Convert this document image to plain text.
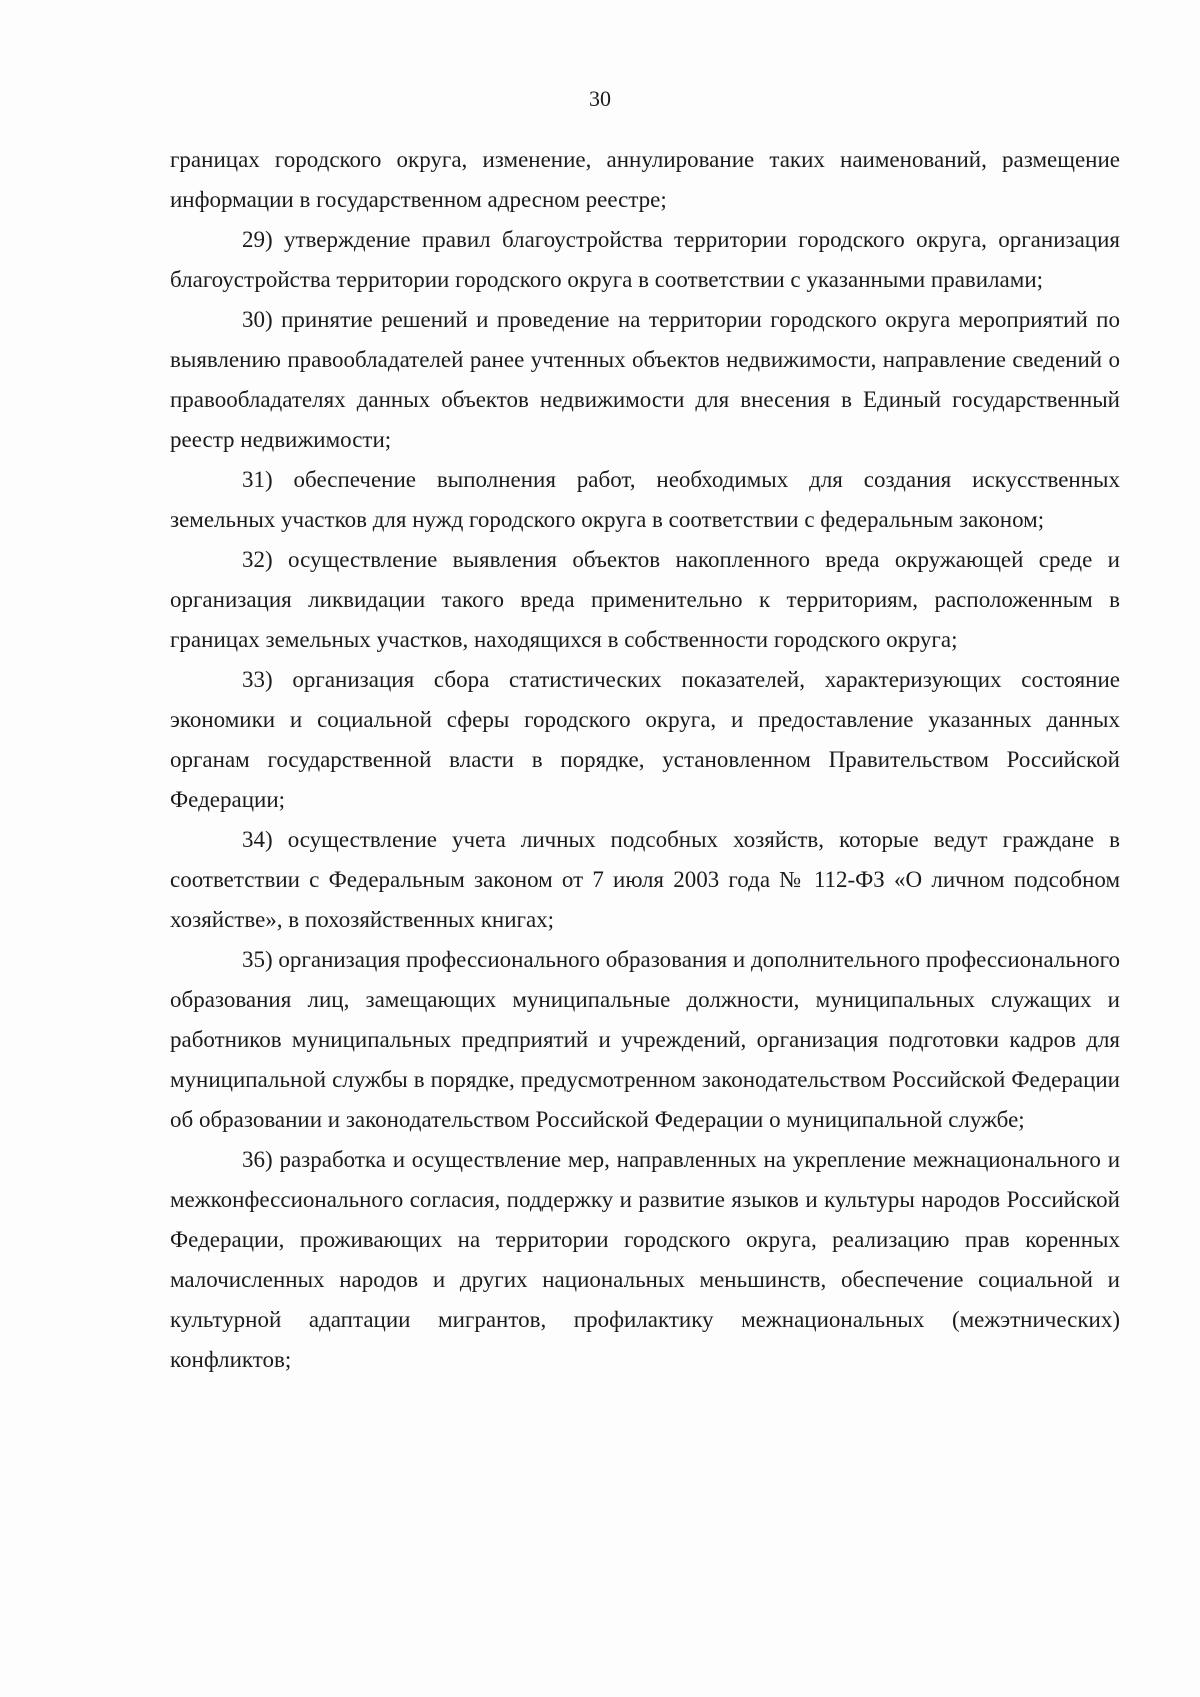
30

границах городского округа, изменение, аннулирование таких наименований, размещение информации в государственном адресном реестре;

29) утверждение правил благоустройства территории городского округа, организация благоустройства территории городского округа в соответствии с указанными правилами;

30) принятие решений и проведение на территории городского округа мероприятий по выявлению правообладателей ранее учтенных объектов недвижимости, направление сведений о правообладателях данных объектов недвижимости для внесения в Единый государственный реестр недвижимости;

31) обеспечение выполнения работ, необходимых для создания искусственных земельных участков для нужд городского округа в соответствии с федеральным законом;

32) осуществление выявления объектов накопленного вреда окружающей среде и организация ликвидации такого вреда применительно к территориям, расположенным в границах земельных участков, находящихся в собственности городского округа;

33) организация сбора статистических показателей, характеризующих состояние экономики и социальной сферы городского округа, и предоставление указанных данных органам государственной власти в порядке, установленном Правительством Российской Федерации;

34) осуществление учета личных подсобных хозяйств, которые ведут граждане в соответствии с Федеральным законом от 7 июля 2003 года № 112-ФЗ «О личном подсобном хозяйстве», в похозяйственных книгах;

35) организация профессионального образования и дополнительного профессионального образования лиц, замещающих муниципальные должности, муниципальных служащих и работников муниципальных предприятий и учреждений, организация подготовки кадров для муниципальной службы в порядке, предусмотренном законодательством Российской Федерации об образовании и законодательством Российской Федерации о муниципальной службе;

36) разработка и осуществление мер, направленных на укрепление межнационального и межконфессионального согласия, поддержку и развитие языков и культуры народов Российской Федерации, проживающих на территории городского округа, реализацию прав коренных малочисленных народов и других национальных меньшинств, обеспечение социальной и культурной адаптации мигрантов, профилактику межнациональных (межэтнических) конфликтов;
